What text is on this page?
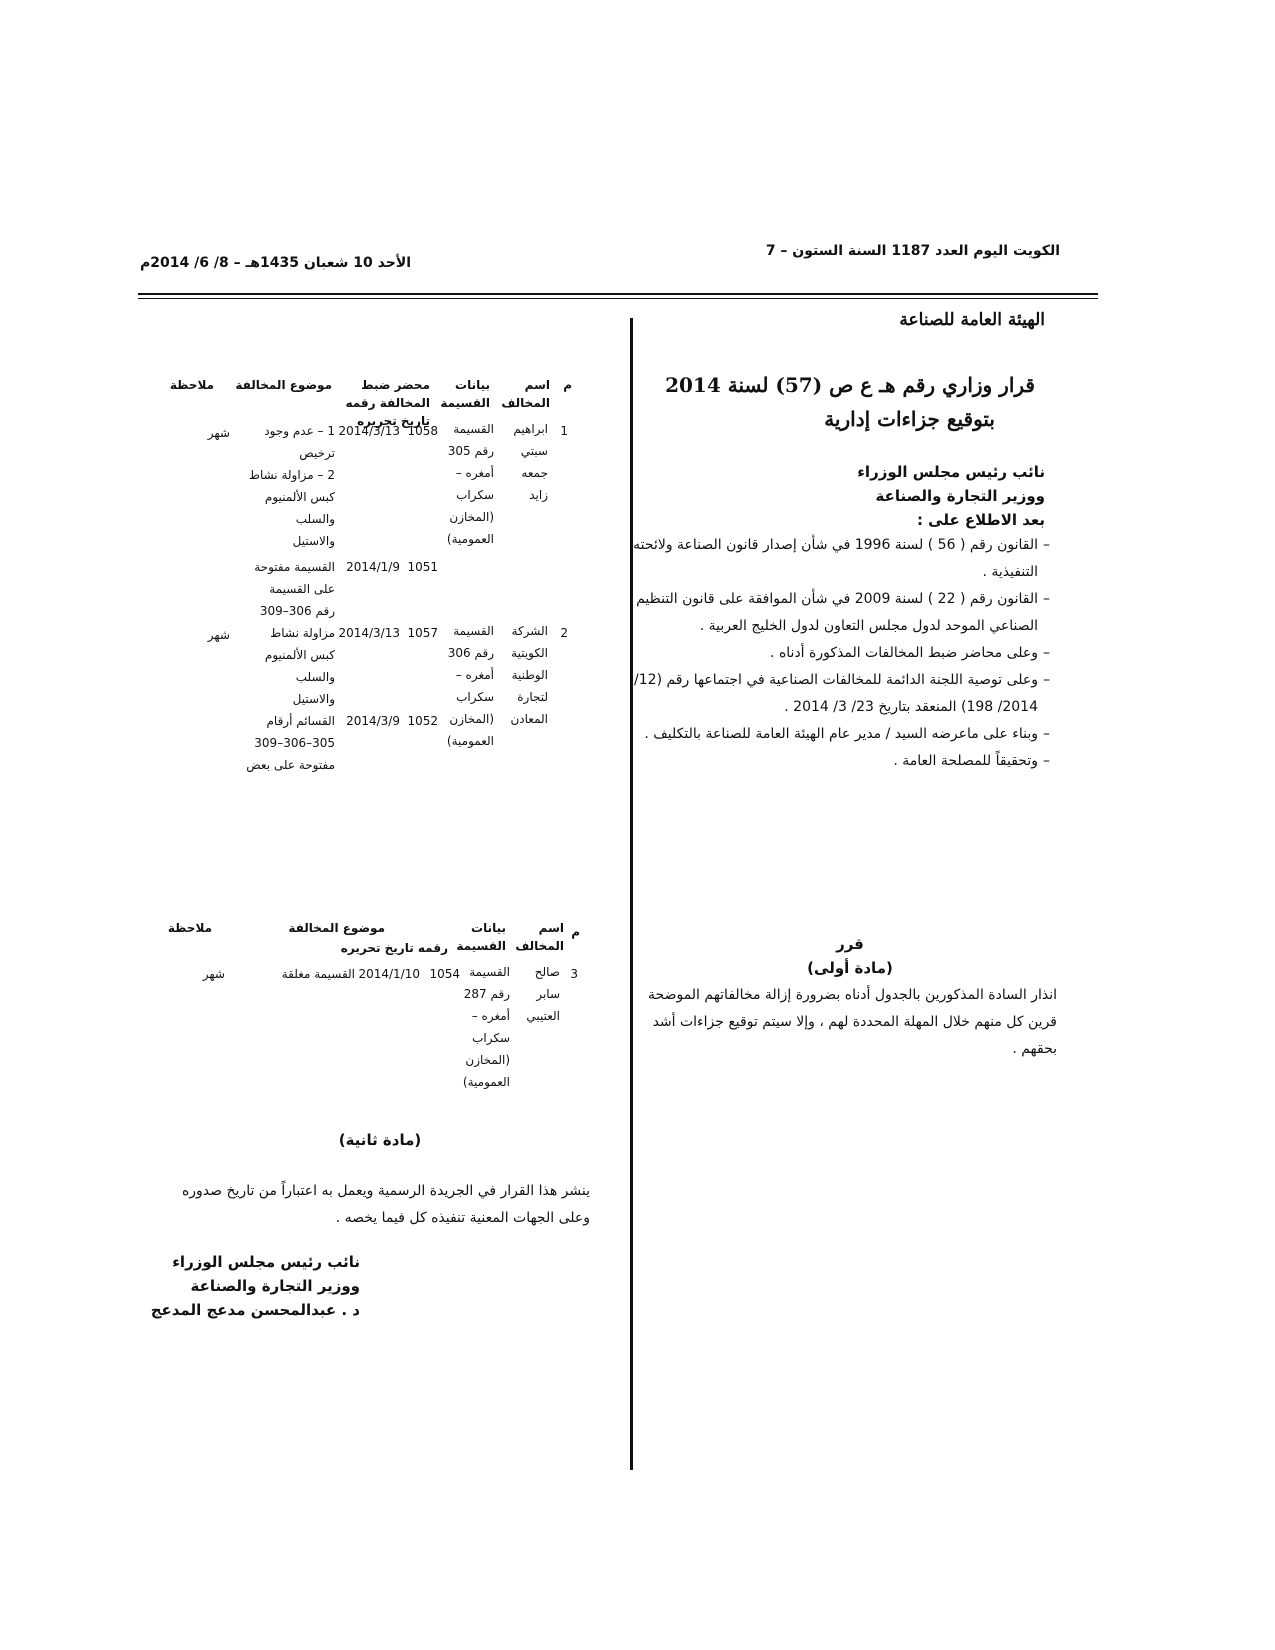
الكويت اليوم العدد 1187 السنة الستون – 7
الأحد 10 شعبان 1435هـ – 8/ 6/ 2014م
الهيئة العامة للصناعة
قرار وزاري رقم هـ ع ص (57) لسنة 2014
بتوقيع جزاءات إدارية
نائب رئيس مجلس الوزراء
ووزير التجارة والصناعة
بعد الاطلاع على :
– القانون رقم ( 56 ) لسنة 1996 في شأن إصدار قانون الصناعة ولائحته التنفيذية .
– القانون رقم ( 22 ) لسنة 2009 في شأن الموافقة على قانون التنظيم الصناعي الموحد لدول مجلس التعاون لدول الخليج العربية .
– وعلى محاضر ضبط المخالفات المذكورة أدناه .
– وعلى توصية اللجنة الدائمة للمخالفات الصناعية في اجتماعها رقم (12/ 2014/ 198) المنعقد بتاريخ 23/ 3/ 2014 .
– وبناء على ماعرضه السيد / مدير عام الهيئة العامة للصناعة بالتكليف .
– وتحقيقاً للمصلحة العامة .
قرر
(مادة أولى)
انذار السادة المذكورين بالجدول أدناه بضرورة إزالة مخالفاتهم الموضحة قرين كل منهم خلال المهلة المحددة لهم ، وإلا سيتم توقيع جزاءات أشد بحقهم .
م
اسم المخالف
بيانات القسيمة
محضر ضبط المخالفة رقمه تاريخ تحريره
موضوع المخالفة
ملاحظة
1
ابراهيم
سبتي
جمعه
زايد
القسيمة
رقم 305
أمغره –
سكراب
(المخازن
العمومية)
1058
2014/3/13
1 – عدم وجود
ترخيص
2 – مزاولة نشاط
كبس الألمنيوم
والسلب
والاستيل
شهر
1051
2014/1/9
القسيمة مفتوحة
على القسيمة
رقم 306–309
2
الشركة
الكويتية
الوطنية
لتجارة
المعادن
القسيمة
رقم 306
أمغره –
سكراب
(المخازن
العمومية)
1057
2014/3/13
مزاولة نشاط
كبس الألمنيوم
والسلب
والاستيل
شهر
1052
2014/3/9
القسائم أرقام
305–306–309
مفتوحة على بعض
م
اسم المخالف
بيانات القسيمة
رقمه تاريخ تحريره
موضوع المخالفة
ملاحظة
3
صالح
سابر
العتيبي
القسيمة
رقم 287
أمغره –
سكراب
(المخازن
العمومية)
1054
2014/1/10
القسيمة مغلقة
شهر
(مادة ثانية)
ينشر هذا القرار في الجريدة الرسمية ويعمل به اعتباراً من تاريخ صدوره وعلى الجهات المعنية تنفيذه كل فيما يخصه .
نائب رئيس مجلس الوزراء
ووزير التجارة والصناعة
د . عبدالمحسن مدعج المدعج
